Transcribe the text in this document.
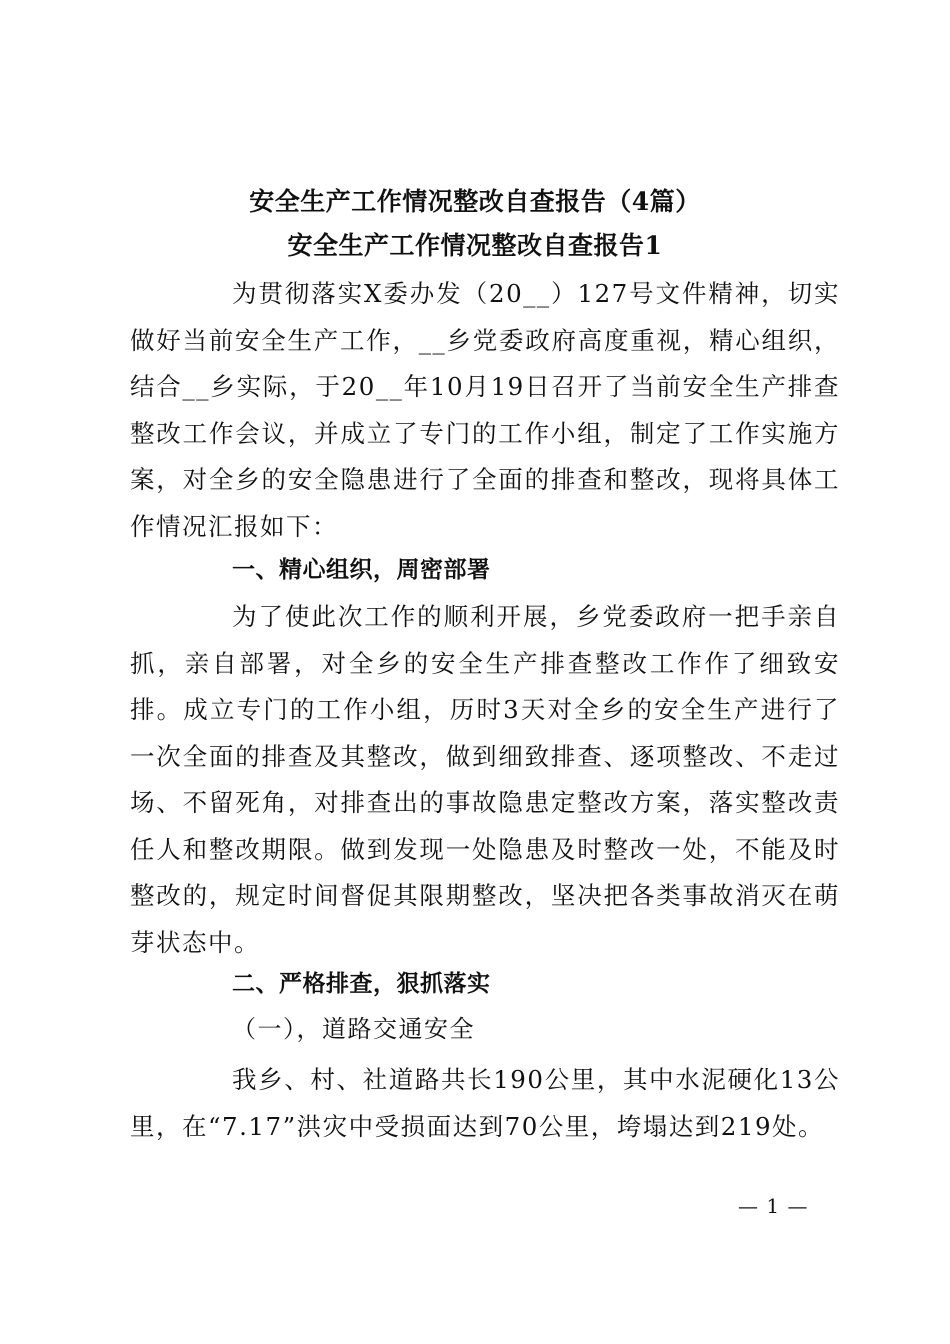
安全生产工作情况整改自查报告（4篇）
安全生产工作情况整改自查报告1

为贯彻落实X委办发（20__）127号文件精神，切实做好当前安全生产工作，__乡党委政府高度重视，精心组织，结合__乡实际，于20__年10月19日召开了当前安全生产排查整改工作会议，并成立了专门的工作小组，制定了工作实施方案，对全乡的安全隐患进行了全面的排查和整改，现将具体工作情况汇报如下：

一、精心组织，周密部署

为了使此次工作的顺利开展，乡党委政府一把手亲自抓，亲自部署，对全乡的安全生产排查整改工作作了细致安排。成立专门的工作小组，历时3天对全乡的安全生产进行了一次全面的排查及其整改，做到细致排查、逐项整改、不走过场、不留死角，对排查出的事故隐患定整改方案，落实整改责任人和整改期限。做到发现一处隐患及时整改一处，不能及时整改的，规定时间督促其限期整改，坚决把各类事故消灭在萌芽状态中。

二、严格排查，狠抓落实
（一），道路交通安全

我乡、村、社道路共长190公里，其中水泥硬化13公里，在“7.17”洪灾中受损面达到70公里，垮塌达到219处。

— 1 —
